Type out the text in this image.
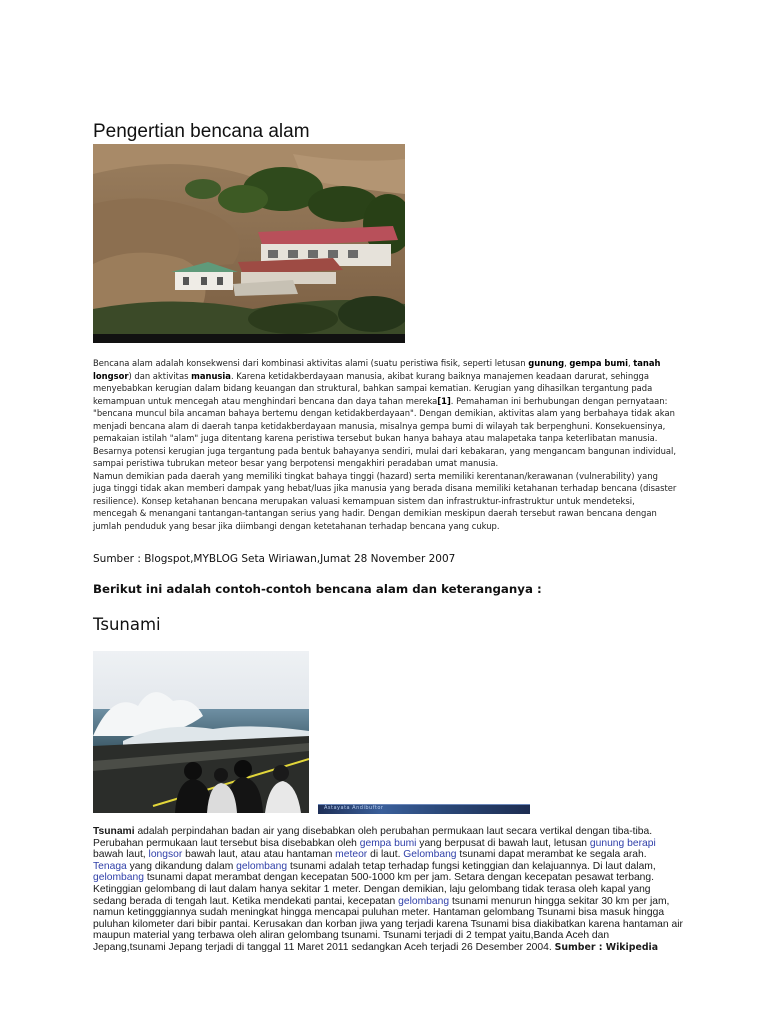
Pengertian bencana alam

Bencana alam adalah konsekwensi dari kombinasi aktivitas alami (suatu peristiwa fisik, seperti letusan gunung, gempa bumi, tanah longsor) dan aktivitas manusia. Karena ketidakberdayaan manusia, akibat kurang baiknya manajemen keadaan darurat, sehingga menyebabkan kerugian dalam bidang keuangan dan struktural, bahkan sampai kematian. Kerugian yang dihasilkan tergantung pada kemampuan untuk mencegah atau menghindari bencana dan daya tahan mereka[1]. Pemahaman ini berhubungan dengan pernyataan: "bencana muncul bila ancaman bahaya bertemu dengan ketidakberdayaan". Dengan demikian, aktivitas alam yang berbahaya tidak akan menjadi bencana alam di daerah tanpa ketidakberdayaan manusia, misalnya gempa bumi di wilayah tak berpenghuni. Konsekuensinya, pemakaian istilah "alam" juga ditentang karena peristiwa tersebut bukan hanya bahaya atau malapetaka tanpa keterlibatan manusia. Besarnya potensi kerugian juga tergantung pada bentuk bahayanya sendiri, mulai dari kebakaran, yang mengancam bangunan individual, sampai peristiwa tubrukan meteor besar yang berpotensi mengakhiri peradaban umat manusia.
Namun demikian pada daerah yang memiliki tingkat bahaya tinggi (hazard) serta memiliki kerentanan/kerawanan (vulnerability) yang juga tinggi tidak akan memberi dampak yang hebat/luas jika manusia yang berada disana memiliki ketahanan terhadap bencana (disaster resilience). Konsep ketahanan bencana merupakan valuasi kemampuan sistem dan infrastruktur-infrastruktur untuk mendeteksi, mencegah & menangani tantangan-tantangan serius yang hadir. Dengan demikian meskipun daerah tersebut rawan bencana dengan jumlah penduduk yang besar jika diimbangi dengan ketetahanan terhadap bencana yang cukup.

Sumber : Blogspot,MYBLOG Seta Wiriawan,Jumat 28 November 2007

Berikut ini adalah contoh-contoh bencana alam dan keteranganya :

Tsunami
Astayata Andibuftor

Tsunami adalah perpindahan badan air yang disebabkan oleh perubahan permukaan laut secara vertikal dengan tiba-tiba. Perubahan permukaan laut tersebut bisa disebabkan oleh gempa bumi yang berpusat di bawah laut, letusan gunung berapi bawah laut, longsor bawah laut, atau atau hantaman meteor di laut. Gelombang tsunami dapat merambat ke segala arah. Tenaga yang dikandung dalam gelombang tsunami adalah tetap terhadap fungsi ketinggian dan kelajuannya. Di laut dalam, gelombang tsunami dapat merambat dengan kecepatan 500-1000 km per jam. Setara dengan kecepatan pesawat terbang. Ketinggian gelombang di laut dalam hanya sekitar 1 meter. Dengan demikian, laju gelombang tidak terasa oleh kapal yang sedang berada di tengah laut. Ketika mendekati pantai, kecepatan gelombang tsunami menurun hingga sekitar 30 km per jam, namun ketingggiannya sudah meningkat hingga mencapai puluhan meter. Hantaman gelombang Tsunami bisa masuk hingga puluhan kilometer dari bibir pantai. Kerusakan dan korban jiwa yang terjadi karena Tsunami bisa diakibatkan karena hantaman air maupun material yang terbawa oleh aliran gelombang tsunami. Tsunami terjadi di 2 tempat yaitu,Banda Aceh dan Jepang,tsunami Jepang terjadi di tanggal 11 Maret 2011 sedangkan Aceh terjadi 26 Desember 2004. Sumber : Wikipedia
